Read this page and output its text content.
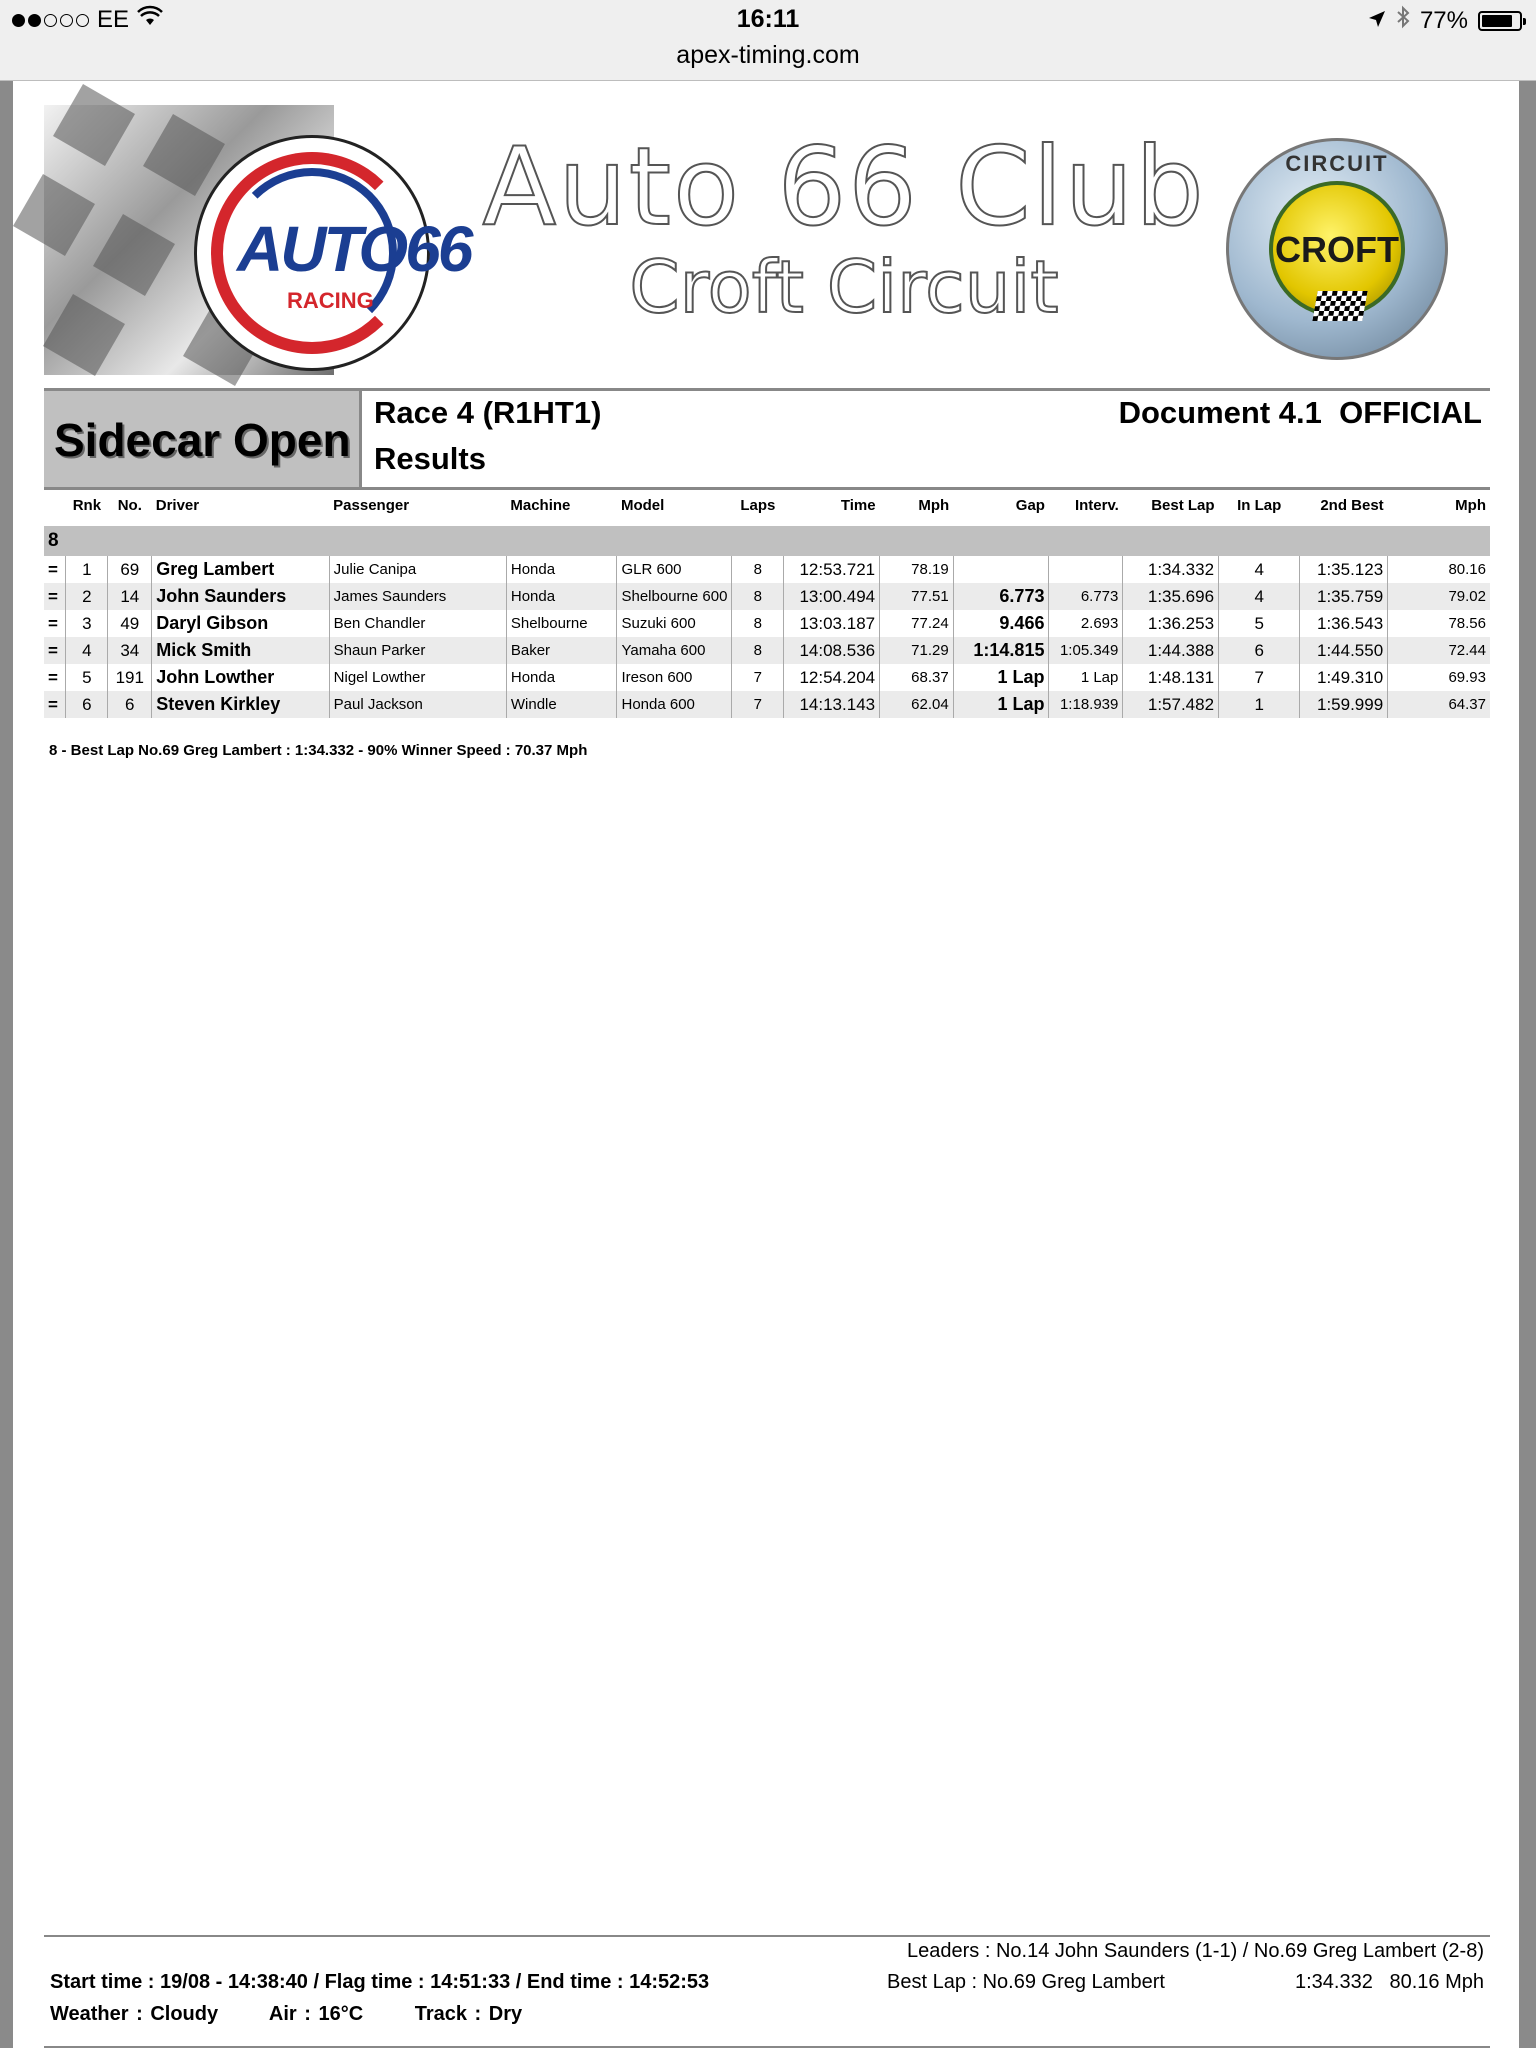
EE	16:11	77%
apex-timing.com
AUTO66
RACING
Auto 66 Club
Croft Circuit
CIRCUIT
CROFT
Sidecar Open
Race 4 (R1HT1)
Results
Document 4.1  OFFICIAL
	Rnk	No.	Driver	Passenger	Machine	Model	Laps	Time	Mph	Gap	Interv.	Best Lap	In Lap	2nd Best	Mph
8															
=	1	69	Greg Lambert	Julie Canipa	Honda	GLR 600	8	12:53.721	78.19			1:34.332	4	1:35.123	80.16
=	2	14	John Saunders	James Saunders	Honda	Shelbourne 600	8	13:00.494	77.51	6.773	6.773	1:35.696	4	1:35.759	79.02
=	3	49	Daryl Gibson	Ben Chandler	Shelbourne	Suzuki 600	8	13:03.187	77.24	9.466	2.693	1:36.253	5	1:36.543	78.56
=	4	34	Mick Smith	Shaun Parker	Baker	Yamaha 600	8	14:08.536	71.29	1:14.815	1:05.349	1:44.388	6	1:44.550	72.44
=	5	191	John Lowther	Nigel Lowther	Honda	Ireson 600	7	12:54.204	68.37	1 Lap	1 Lap	1:48.131	7	1:49.310	69.93
=	6	6	Steven Kirkley	Paul Jackson	Windle	Honda 600	7	14:13.143	62.04	1 Lap	1:18.939	1:57.482	1	1:59.999	64.37
8 - Best Lap No.69 Greg Lambert : 1:34.332 - 90% Winner Speed : 70.37 Mph
Leaders : No.14 John Saunders (1-1) / No.69 Greg Lambert (2-8)
Start time : 19/08 - 14:38:40 / Flag time : 14:51:33 / End time : 14:52:53	Best Lap : No.69 Greg Lambert	1:34.332 80.16 Mph
Weather : Cloudy	Air : 16°C	Track : Dry
